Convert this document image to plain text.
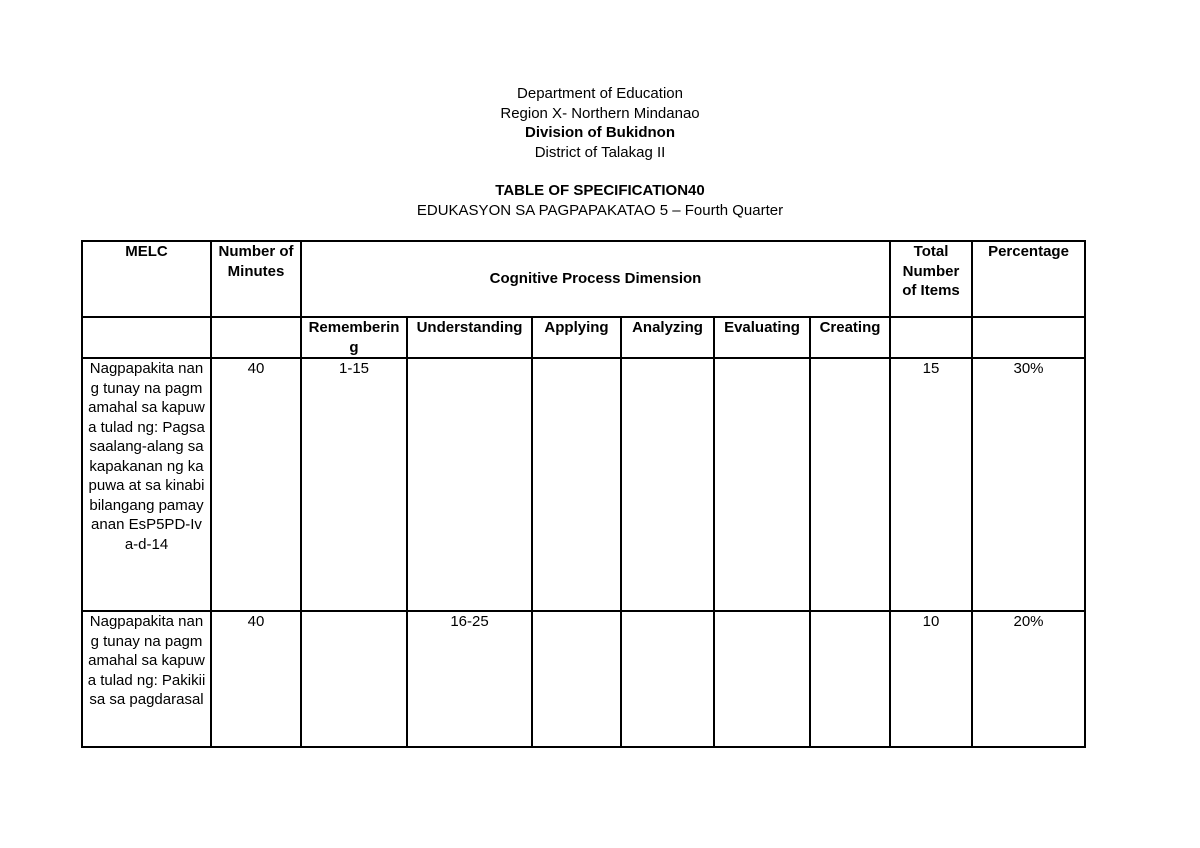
Department of Education
Region X- Northern Mindanao
Division of Bukidnon
District of Talakag II
TABLE OF SPECIFICATION40
EDUKASYON SA PAGPAPAKATAO 5 – Fourth Quarter
MELC	Number of Minutes	Cognitive Process Dimension						Total Number of Items	Percentage
		Remembering	Understanding	Applying	Analyzing	Evaluating	Creating		
Nagpapakita nang tunay na pagmamahal sa kapuwa tulad ng: Pagsasaalang-alang sa kapakanan ng kapuwa at sa kinabibilangang pamayanan EsP5PD-Iva-d-14	40	1-15						15	30%
Nagpapakita nang tunay na pagmamahal sa kapuwa tulad ng: Pakikiisa sa pagdarasal	40		16-25					10	20%
